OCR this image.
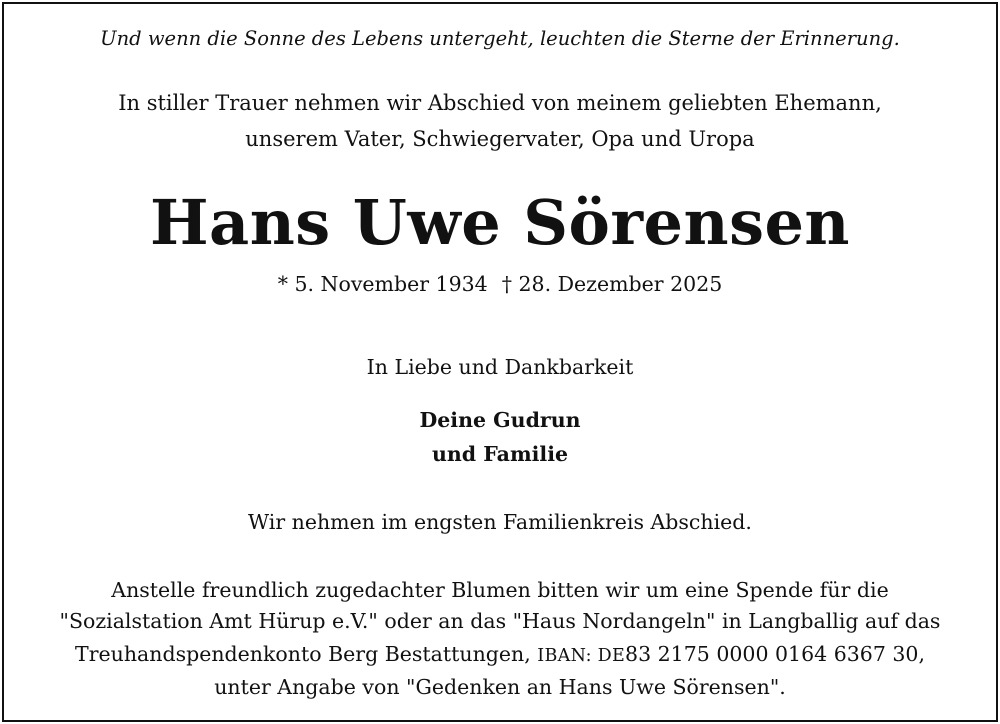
Und wenn die Sonne des Lebens untergeht, leuchten die Sterne der Erinnerung.
In stiller Trauer nehmen wir Abschied von meinem geliebten Ehemann,
unserem Vater, Schwiegervater, Opa und Uropa
Hans Uwe Sörensen
* 5. November 1934 † 28. Dezember 2025
In Liebe und Dankbarkeit
Deine Gudrun
und Familie
Wir nehmen im engsten Familienkreis Abschied.
Anstelle freundlich zugedachter Blumen bitten wir um eine Spende für die
"Sozialstation Amt Hürup e.V." oder an das "Haus Nordangeln" in Langballig auf das
Treuhandspendenkonto Berg Bestattungen, IBAN: DE83 2175 0000 0164 6367 30,
unter Angabe von "Gedenken an Hans Uwe Sörensen".
